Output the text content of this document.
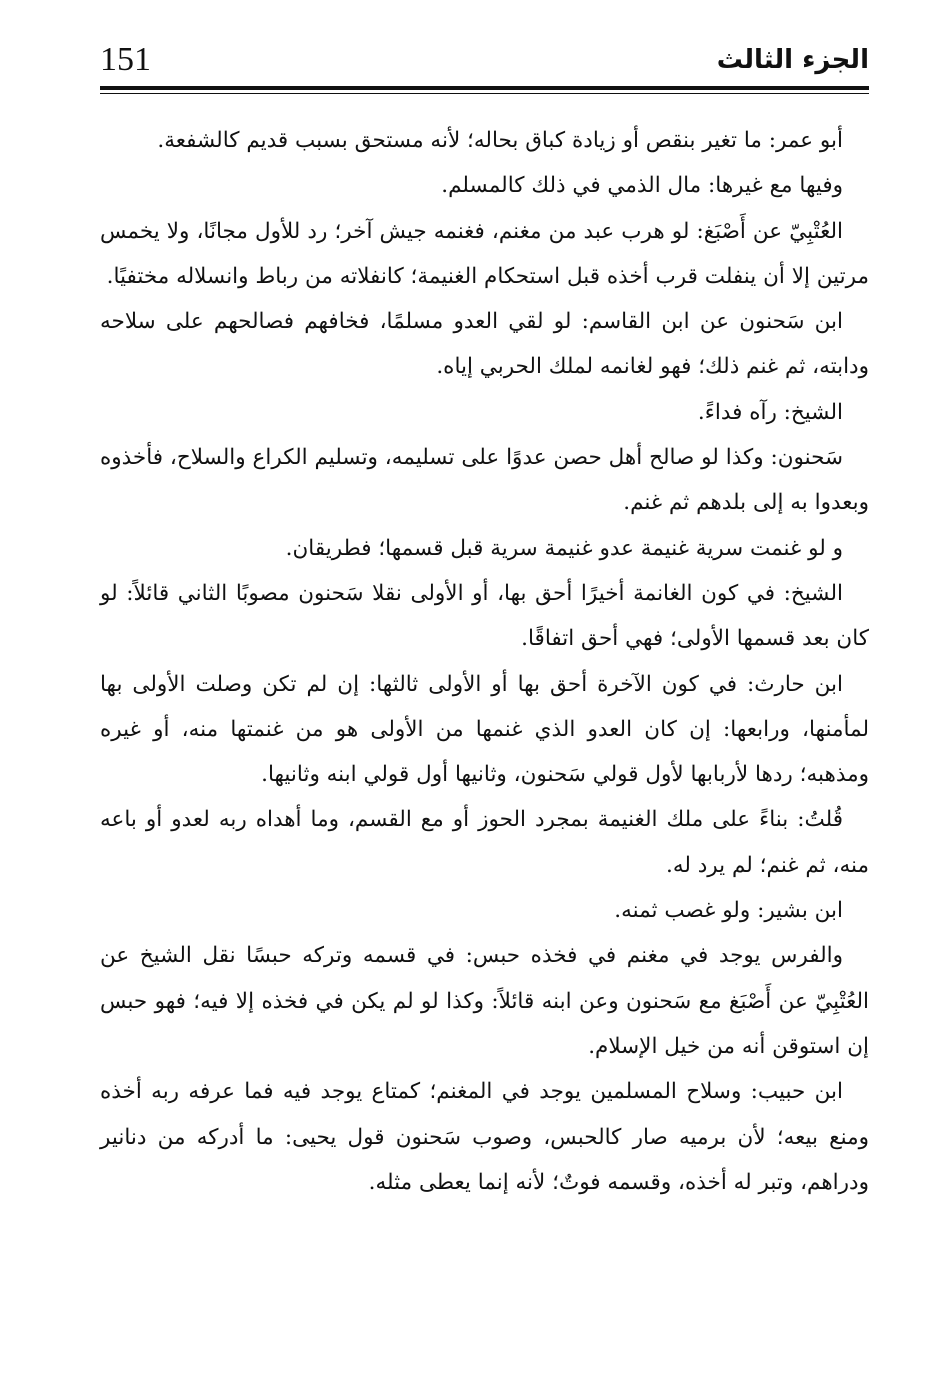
151	الجزء الثالث

أبو عمر: ما تغير بنقص أو زيادة كباق بحاله؛ لأنه مستحق بسبب قديم كالشفعة.

وفيها مع غيرها: مال الذمي في ذلك كالمسلم.

العُتْبِيّ عن أَصْبَغ: لو هرب عبد من مغنم، فغنمه جيش آخر؛ رد للأول مجانًا، ولا يخمس مرتين إلا أن ينفلت قرب أخذه قبل استحكام الغنيمة؛ كانفلاته من رباط وانسلاله مختفيًا.

ابن سَحنون عن ابن القاسم: لو لقي العدو مسلمًا، فخافهم فصالحهم على سلاحه ودابته، ثم غنم ذلك؛ فهو لغانمه لملك الحربي إياه.

الشيخ: رآه فداءً.

سَحنون: وكذا لو صالح أهل حصن عدوًا على تسليمه، وتسليم الكراع والسلاح، فأخذوه وبعدوا به إلى بلدهم ثم غنم.

و لو غنمت سرية غنيمة عدو غنيمة سرية قبل قسمها؛ فطريقان.

الشيخ: في كون الغانمة أخيرًا أحق بها، أو الأولى نقلا سَحنون مصوبًا الثاني قائلاً: لو كان بعد قسمها الأولى؛ فهي أحق اتفاقًا.

ابن حارث: في كون الآخرة أحق بها أو الأولى ثالثها: إن لم تكن وصلت الأولى بها لمأمنها، ورابعها: إن كان العدو الذي غنمها من الأولى هو من غنمتها منه، أو غيره ومذهبه؛ ردها لأربابها لأول قولي سَحنون، وثانيها أول قولي ابنه وثانيها.

قُلتُ: بناءً على ملك الغنيمة بمجرد الحوز أو مع القسم، وما أهداه ربه لعدو أو باعه منه، ثم غنم؛ لم يرد له.

ابن بشير: ولو غصب ثمنه.

والفرس يوجد في مغنم في فخذه حبس: في قسمه وتركه حبسًا نقل الشيخ عن العُتْبِيّ عن أَصْبَغ مع سَحنون وعن ابنه قائلاً: وكذا لو لم يكن في فخذه إلا فيه؛ فهو حبس إن استوقن أنه من خيل الإسلام.

ابن حبيب: وسلاح المسلمين يوجد في المغنم؛ كمتاع يوجد فيه فما عرفه ربه أخذه ومنع بيعه؛ لأن برميه صار كالحبس، وصوب سَحنون قول يحيى: ما أدركه من دنانير ودراهم، وتبر له أخذه، وقسمه فوتٌ؛ لأنه إنما يعطى مثله.
